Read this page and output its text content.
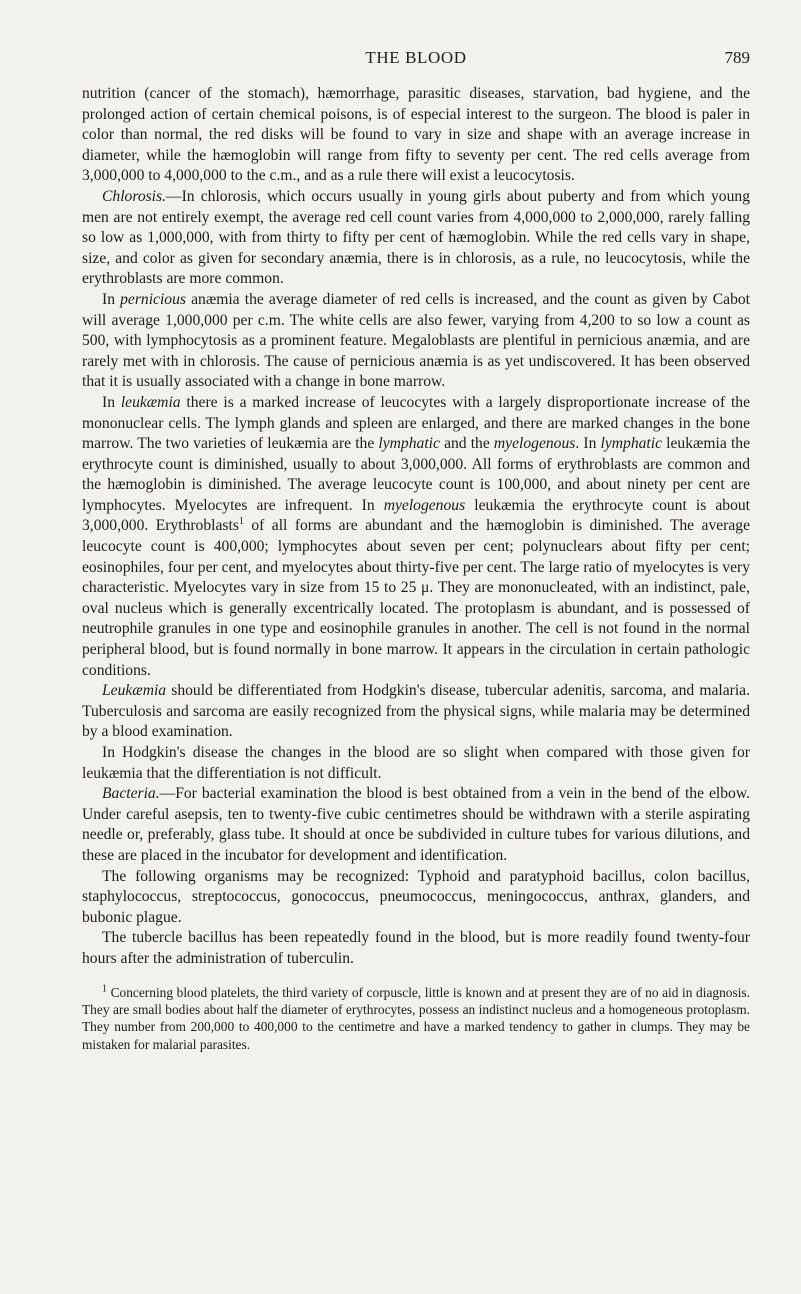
THE BLOOD	789

nutrition (cancer of the stomach), hæmorrhage, parasitic diseases, starvation, bad hygiene, and the prolonged action of certain chemical poisons, is of especial interest to the surgeon. The blood is paler in color than normal, the red disks will be found to vary in size and shape with an average increase in diameter, while the hæmoglobin will range from fifty to seventy per cent. The red cells average from 3,000,000 to 4,000,000 to the c.m., and as a rule there will exist a leucocytosis.

Chlorosis.—In chlorosis, which occurs usually in young girls about puberty and from which young men are not entirely exempt, the average red cell count varies from 4,000,000 to 2,000,000, rarely falling so low as 1,000,000, with from thirty to fifty per cent of hæmoglobin. While the red cells vary in shape, size, and color as given for secondary anæmia, there is in chlorosis, as a rule, no leucocytosis, while the erythroblasts are more common.

In pernicious anæmia the average diameter of red cells is increased, and the count as given by Cabot will average 1,000,000 per c.m. The white cells are also fewer, varying from 4,200 to so low a count as 500, with lymphocytosis as a prominent feature. Megaloblasts are plentiful in pernicious anæmia, and are rarely met with in chlorosis. The cause of pernicious anæmia is as yet undiscovered. It has been observed that it is usually associated with a change in bone marrow.

In leukæmia there is a marked increase of leucocytes with a largely disproportionate increase of the mononuclear cells. The lymph glands and spleen are enlarged, and there are marked changes in the bone marrow. The two varieties of leukæmia are the lymphatic and the myelogenous. In lymphatic leukæmia the erythrocyte count is diminished, usually to about 3,000,000. All forms of erythroblasts are common and the hæmoglobin is diminished. The average leucocyte count is 100,000, and about ninety per cent are lymphocytes. Myelocytes are infrequent. In myelogenous leukæmia the erythrocyte count is about 3,000,000. Erythroblasts$^1$ of all forms are abundant and the hæmoglobin is diminished. The average leucocyte count is 400,000; lymphocytes about seven per cent; polynuclears about fifty per cent; eosinophiles, four per cent, and myelocytes about thirty-five per cent. The large ratio of myelocytes is very characteristic. Myelocytes vary in size from 15 to 25 μ. They are mononucleated, with an indistinct, pale, oval nucleus which is generally excentrically located. The protoplasm is abundant, and is possessed of neutrophile granules in one type and eosinophile granules in another. The cell is not found in the normal peripheral blood, but is found normally in bone marrow. It appears in the circulation in certain pathologic conditions.

Leukæmia should be differentiated from Hodgkin's disease, tubercular adenitis, sarcoma, and malaria. Tuberculosis and sarcoma are easily recognized from the physical signs, while malaria may be determined by a blood examination.

In Hodgkin's disease the changes in the blood are so slight when compared with those given for leukæmia that the differentiation is not difficult.

Bacteria.—For bacterial examination the blood is best obtained from a vein in the bend of the elbow. Under careful asepsis, ten to twenty-five cubic centimetres should be withdrawn with a sterile aspirating needle or, preferably, glass tube. It should at once be subdivided in culture tubes for various dilutions, and these are placed in the incubator for development and identification.

The following organisms may be recognized: Typhoid and paratyphoid bacillus, colon bacillus, staphylococcus, streptococcus, gonococcus, pneumococcus, meningococcus, anthrax, glanders, and bubonic plague.

The tubercle bacillus has been repeatedly found in the blood, but is more readily found twenty-four hours after the administration of tuberculin.

$^1$ Concerning blood platelets, the third variety of corpuscle, little is known and at present they are of no aid in diagnosis. They are small bodies about half the diameter of erythrocytes, possess an indistinct nucleus and a homogeneous protoplasm. They number from 200,000 to 400,000 to the centimetre and have a marked tendency to gather in clumps. They may be mistaken for malarial parasites.
